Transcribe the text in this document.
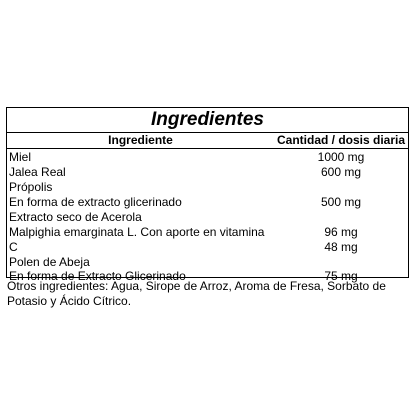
Ingredientes
Ingrediente	Cantidad / dosis diaria
Miel	1000 mg
Jalea Real	600 mg
Própolis
En forma de extracto glicerinado	500 mg
Extracto seco de Acerola
Malpighia emarginata L. Con aporte en vitamina	96 mg
C	48 mg
Polen de Abeja
En forma de Extracto Glicerinado	75 mg
Otros ingredientes: Agua, Sirope de Arroz, Aroma de Fresa, Sorbato de Potasio y Ácido Cítrico.
